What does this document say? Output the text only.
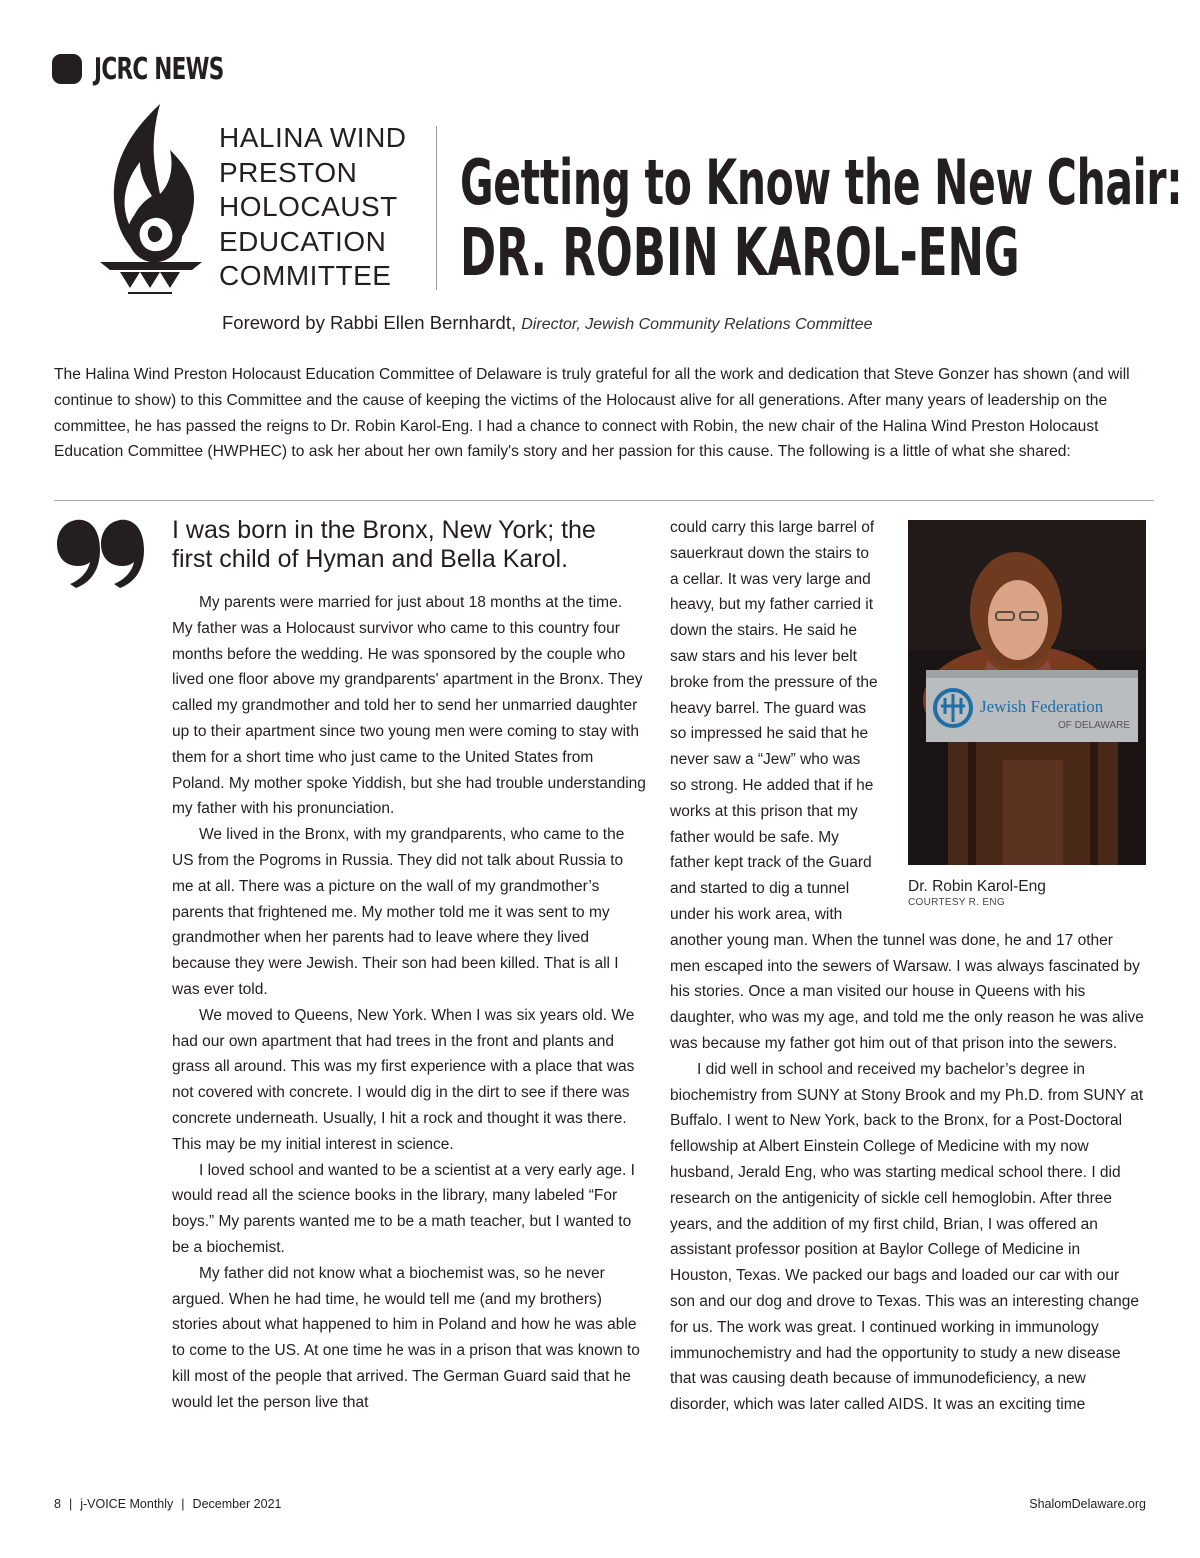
JCRC NEWS
HALINA WIND
PRESTON
HOLOCAUST
EDUCATION
COMMITTEE
Getting to Know the New Chair:
DR. ROBIN KAROL-ENG
Foreword by Rabbi Ellen Bernhardt, Director, Jewish Community Relations Committee
The Halina Wind Preston Holocaust Education Committee of Delaware is truly grateful for all the work and dedication that Steve Gonzer has shown (and will continue to show) to this Committee and the cause of keeping the victims of the Holocaust alive for all generations. After many years of leadership on the committee, he has passed the reigns to Dr. Robin Karol-Eng. I had a chance to connect with Robin, the new chair of the Halina Wind Preston Holocaust Education Committee (HWPHEC) to ask her about her own family's story and her passion for this cause. The following is a little of what she shared:
I was born in the Bronx, New York; the first child of Hyman and Bella Karol.

My parents were married for just about 18 months at the time. My father was a Holocaust survivor who came to this country four months before the wedding. He was sponsored by the couple who lived one floor above my grandparents' apartment in the Bronx. They called my grandmother and told her to send her unmarried daughter up to their apartment since two young men were coming to stay with them for a short time who just came to the United States from Poland. My mother spoke Yiddish, but she had trouble understanding my father with his pronunciation.

We lived in the Bronx, with my grandparents, who came to the US from the Pogroms in Russia. They did not talk about Russia to me at all. There was a picture on the wall of my grandmother’s parents that frightened me. My mother told me it was sent to my grandmother when her parents had to leave where they lived because they were Jewish. Their son had been killed. That is all I was ever told.

We moved to Queens, New York. When I was six years old. We had our own apartment that had trees in the front and plants and grass all around. This was my first experience with a place that was not covered with concrete. I would dig in the dirt to see if there was concrete underneath. Usually, I hit a rock and thought it was there. This may be my initial interest in science.

I loved school and wanted to be a scientist at a very early age. I would read all the science books in the library, many labeled “For boys.” My parents wanted me to be a math teacher, but I wanted to be a biochemist.

My father did not know what a biochemist was, so he never argued. When he had time, he would tell me (and my brothers) stories about what happened to him in Poland and how he was able to come to the US. At one time he was in a prison that was known to kill most of the people that arrived. The German Guard said that he would let the person live that

Jewish Federation
OF DELAWARE
Dr. Robin Karol-Eng
COURTESY R. ENG

could carry this large barrel of sauerkraut down the stairs to a cellar. It was very large and heavy, but my father carried it down the stairs. He said he saw stars and his lever belt broke from the pressure of the heavy barrel. The guard was so impressed he said that he never saw a “Jew” who was so strong. He added that if he works at this prison that my father would be safe. My father kept track of the Guard and started to dig a tunnel under his work area, with another young man. When the tunnel was done, he and 17 other men escaped into the sewers of Warsaw. I was always fascinated by his stories. Once a man visited our house in Queens with his daughter, who was my age, and told me the only reason he was alive was because my father got him out of that prison into the sewers.

I did well in school and received my bachelor’s degree in biochemistry from SUNY at Stony Brook and my Ph.D. from SUNY at Buffalo. I went to New York, back to the Bronx, for a Post-Doctoral fellowship at Albert Einstein College of Medicine with my now husband, Jerald Eng, who was starting medical school there. I did research on the antigenicity of sickle cell hemoglobin. After three years, and the addition of my first child, Brian, I was offered an assistant professor position at Baylor College of Medicine in Houston, Texas. We packed our bags and loaded our car with our son and our dog and drove to Texas. This was an interesting change for us. The work was great. I continued working in immunology immunochemistry and had the opportunity to study a new disease that was causing death because of immunodeficiency, a new disorder, which was later called AIDS. It was an exciting time

8 | j-VOICE Monthly | December 2021	ShalomDelaware.org
